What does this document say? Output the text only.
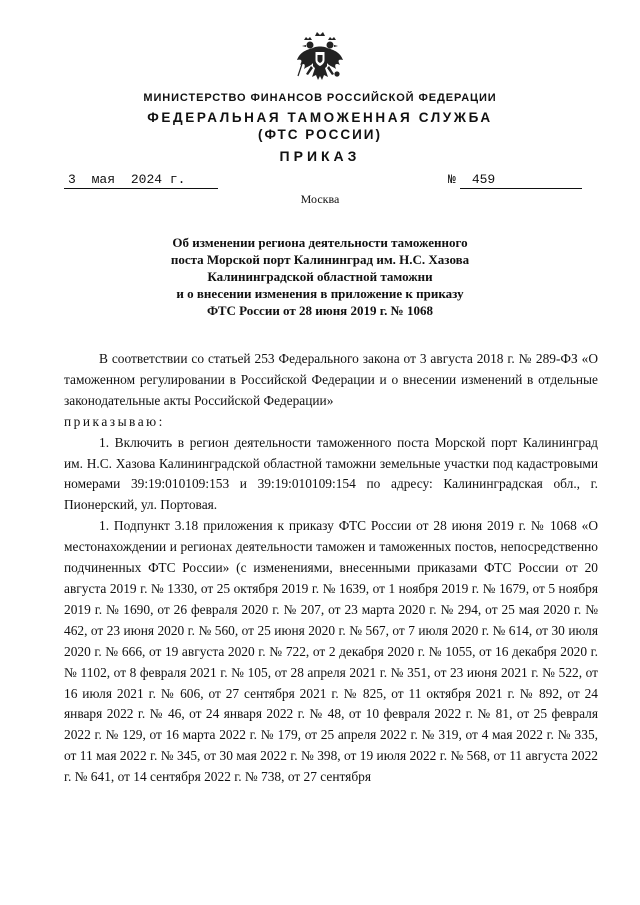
МИНИСТЕРСТВО ФИНАНСОВ РОССИЙСКОЙ ФЕДЕРАЦИИ

ФЕДЕРАЛЬНАЯ ТАМОЖЕННАЯ СЛУЖБА

(ФТС РОССИИ)

ПРИКАЗ

3 мая 2024 г.	№ 459

Москва

Об изменении региона деятельности таможенного
поста Морской порт Калининград им. Н.С. Хазова
Калининградской областной таможни
и о внесении изменения в приложение к приказу
ФТС России от 28 июня 2019 г. № 1068

В соответствии со статьей 253 Федерального закона от 3 августа 2018 г. № 289-ФЗ «О таможенном регулировании в Российской Федерации и о внесении изменений в отдельные законодательные акты Российской Федерации»

приказываю:

1. Включить в регион деятельности таможенного поста Морской порт Калининград им. Н.С. Хазова Калининградской областной таможни земельные участки под кадастровыми номерами 39:19:010109:153 и 39:19:010109:154 по адресу: Калининградская обл., г. Пионерский, ул. Портовая.

1. Подпункт 3.18 приложения к приказу ФТС России от 28 июня 2019 г. № 1068 «О местонахождении и регионах деятельности таможен и таможенных постов, непосредственно подчиненных ФТС России» (с изменениями, внесенными приказами ФТС России от 20 августа 2019 г. № 1330, от 25 октября 2019 г. № 1639, от 1 ноября 2019 г. № 1679, от 5 ноября 2019 г. № 1690, от 26 февраля 2020 г. № 207, от 23 марта 2020 г. № 294, от 25 мая 2020 г. № 462, от 23 июня 2020 г. № 560, от 25 июня 2020 г. № 567, от 7 июля 2020 г. № 614, от 30 июля 2020 г. № 666, от 19 августа 2020 г. № 722, от 2 декабря 2020 г. № 1055, от 16 декабря 2020 г. № 1102, от 8 февраля 2021 г. № 105, от 28 апреля 2021 г. № 351, от 23 июня 2021 г. № 522, от 16 июля 2021 г. № 606, от 27 сентября 2021 г. № 825, от 11 октября 2021 г. № 892, от 24 января 2022 г. № 46, от 24 января 2022 г. № 48, от 10 февраля 2022 г. № 81, от 25 февраля 2022 г. № 129, от 16 марта 2022 г. № 179, от 25 апреля 2022 г. № 319, от 4 мая 2022 г. № 335, от 11 мая 2022 г. № 345, от 30 мая 2022 г. № 398, от 19 июля 2022 г. № 568, от 11 августа 2022 г. № 641, от 14 сентября 2022 г. № 738, от 27 сентября
